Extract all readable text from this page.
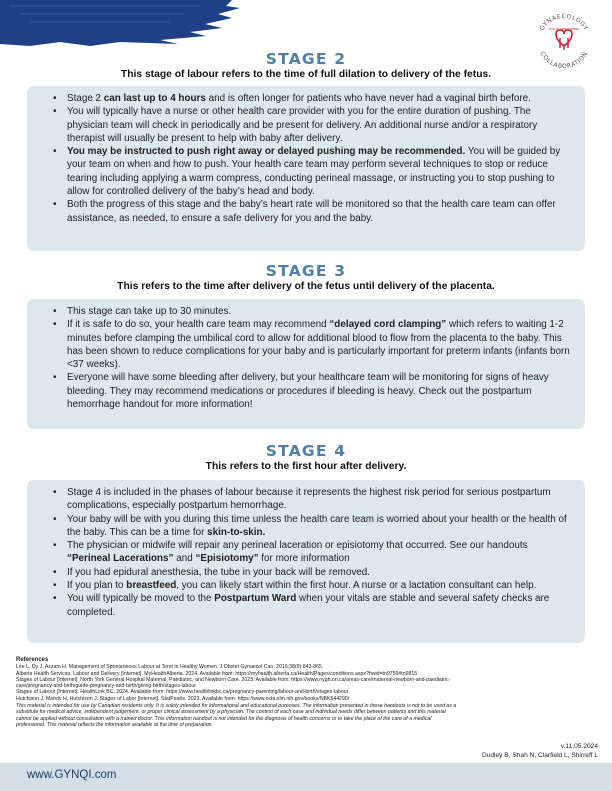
GYNAECOLOGY
COLLABORATION
QUALITY IMPROVEMENT
STAGE 2
This stage of labour refers to the time of full dilation to delivery of the fetus.
• Stage 2 can last up to 4 hours and is often longer for patients who have never had a vaginal birth before.
• You will typically have a nurse or other health care provider with you for the entire duration of pushing. The physician team will check in periodically and be present for delivery. An additional nurse and/or a respiratory therapist will usually be present to help with baby after delivery.
• You may be instructed to push right away or delayed pushing may be recommended. You will be guided by your team on when and how to push. Your health care team may perform several techniques to stop or reduce tearing including applying a warm compress, conducting perineal massage, or instructing you to stop pushing to allow for controlled delivery of the baby’s head and body.
• Both the progress of this stage and the baby’s heart rate will be monitored so that the health care team can offer assistance, as needed, to ensure a safe delivery for you and the baby.
STAGE 3
This refers to the time after delivery of the fetus until delivery of the placenta.
• This stage can take up to 30 minutes.
• If it is safe to do so, your health care team may recommend “delayed cord clamping” which refers to waiting 1-2 minutes before clamping the umbilical cord to allow for additional blood to flow from the placenta to the baby. This has been shown to reduce complications for your baby and is particularly important for preterm infants (infants born <37 weeks).
• Everyone will have some bleeding after delivery, but your healthcare team will be monitoring for signs of heavy bleeding. They may recommend medications or procedures if bleeding is heavy. Check out the postpartum hemorrhage handout for more information!
STAGE 4
This refers to the first hour after delivery.
• Stage 4 is included in the phases of labour because it represents the highest risk period for serious postpartum complications, especially postpartum hemorrhage.
• Your baby will be with you during this time unless the health care team is worried about your health or the health of the baby. This can be a time for skin-to-skin.
• The physician or midwife will repair any perineal laceration or episiotomy that occurred. See our handouts “Perineal Lacerations” and “Episiotomy” for more information
• If you had epidural anesthesia, the tube in your back will be removed.
• If you plan to breastfeed, you can likely start within the first hour. A nurse or a lactation consultant can help.
• You will typically be moved to the Postpartum Ward when your vitals are stable and several safety checks are completed.
References
Lee L, Dy J, Azzam H. Management of Spontaneous Labour at Term in Healthy Women. J Obstet Gynaecol Can. 2016;38(9):843-865.
Alberta Health Services. Labour and Delivery [Internet]. MyHealthAlberta. 2024. Available from: https://myhealth.alberta.ca/Health/Pages/conditions.aspx?hwid=tn9759#tn9815
Stages of Labour [Internet]. North York General Hospital Maternal, Paediatric, and Newborn Care. 2023. Available from: https://www.nygh.on.ca/areas-care/maternal-newborn-and-paediatric-care/pregnancy-and-birth/guide-pregnancy-and-birth/giving-birth/stages-labour
Stages of Labour [Internet]. HealthLink BC. 2024. Available from: https://www.healthlinkbc.ca/pregnancy-parenting/labour-and-birth/stages-labour
Hutchison J, Mahdy H, Hutchison J. Stages of Labor [Internet]. StatPearls. 2023. Available from: https://www.ncbi.nlm.nih.gov/books/NBK544290/
This material is intended for use by Canadian residents only. It is solely intended for informational and educational purposes. The information presented in these handouts is not to be used as a substitute for medical advice, independent judgement, or proper clinical assessment by a physician. The context of each case and individual needs differ between patients and this material cannot be applied without consultation with a trained doctor. This information handout is not intended for the diagnosis of health concerns or to take the place of the care of a medical professional. This material reflects the information available at the time of preparation.
v.11.05.2024
Dudley B, Shah N, Clarfield L, Shirreff L
www.GYNQI.com
